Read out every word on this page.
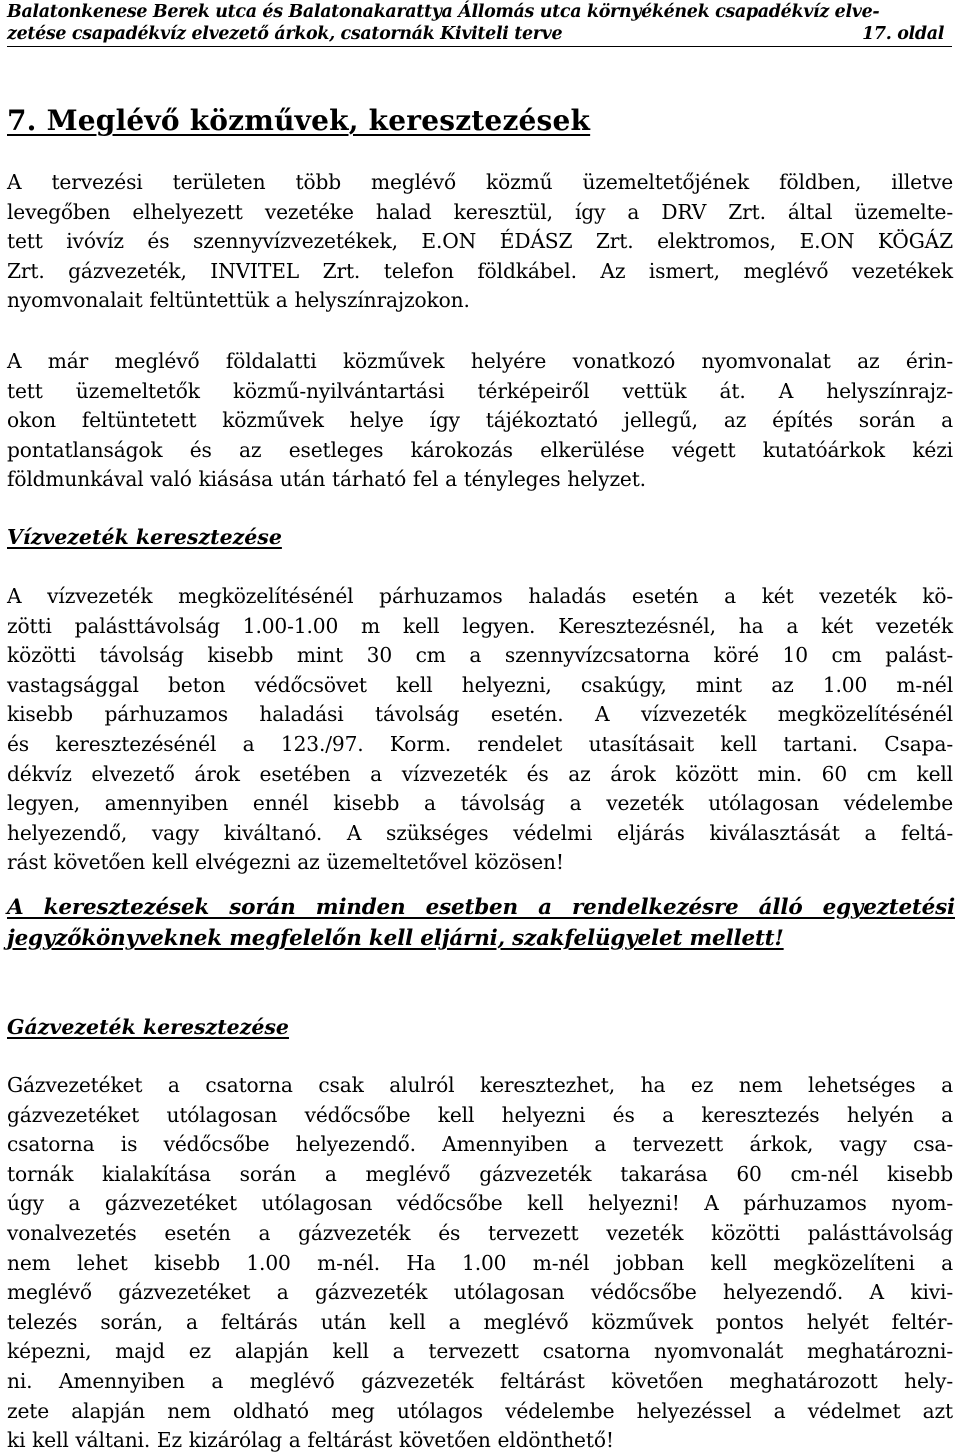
Balatonkenese Berek utca és Balatonakarattya Állomás utca környékének csapadékvíz elve-
zetése csapadékvíz elvezető árkok, csatornák Kiviteli terve	17. oldal
7. Meglévő közművek, keresztezések
A tervezési területen több meglévő közmű üzemeltetőjének földben, illetve
levegőben elhelyezett vezetéke halad keresztül, így a DRV Zrt. által üzemelte-
tett ivóvíz és szennyvízvezetékek, E.ON ÉDÁSZ Zrt. elektromos, E.ON KÖGÁZ
Zrt. gázvezeték, INVITEL Zrt. telefon földkábel. Az ismert, meglévő vezetékek
nyomvonalait feltüntettük a helyszínrajzokon.
A már meglévő földalatti közművek helyére vonatkozó nyomvonalat az érin-
tett üzemeltetők közmű-nyilvántartási térképeiről vettük át. A helyszínrajz-
okon feltüntetett közművek helye így tájékoztató jellegű, az építés során a
pontatlanságok és az esetleges károkozás elkerülése végett kutatóárkok kézi
földmunkával való kiásása után tárható fel a tényleges helyzet.
Vízvezeték keresztezése
A vízvezeték megközelítésénél párhuzamos haladás esetén a két vezeték kö-
zötti palásttávolság 1.00-1.00 m kell legyen. Keresztezésnél, ha a két vezeték
közötti távolság kisebb mint 30 cm a szennyvízcsatorna köré 10 cm palást-
vastagsággal beton védőcsövet kell helyezni, csakúgy, mint az 1.00 m-nél
kisebb párhuzamos haladási távolság esetén. A vízvezeték megközelítésénél
és keresztezésénél a 123./97. Korm. rendelet utasításait kell tartani. Csapa-
dékvíz elvezető árok esetében a vízvezeték és az árok között min. 60 cm kell
legyen, amennyiben ennél kisebb a távolság a vezeték utólagosan védelembe
helyezendő, vagy kiváltanó. A szükséges védelmi eljárás kiválasztását a feltá-
rást követően kell elvégezni az üzemeltetővel közösen!
A keresztezések során minden esetben a rendelkezésre álló egyeztetési
jegyzőkönyveknek megfelelőn kell eljárni, szakfelügyelet mellett!
Gázvezeték keresztezése
Gázvezetéket a csatorna csak alulról keresztezhet, ha ez nem lehetséges a
gázvezetéket utólagosan védőcsőbe kell helyezni és a keresztezés helyén a
csatorna is védőcsőbe helyezendő. Amennyiben a tervezett árkok, vagy csa-
tornák kialakítása során a meglévő gázvezeték takarása 60 cm-nél kisebb
úgy a gázvezetéket utólagosan védőcsőbe kell helyezni! A párhuzamos nyom-
vonalvezetés esetén a gázvezeték és tervezett vezeték közötti palásttávolság
nem lehet kisebb 1.00 m-nél. Ha 1.00 m-nél jobban kell megközelíteni a
meglévő gázvezetéket a gázvezeték utólagosan védőcsőbe helyezendő. A kivi-
telezés során, a feltárás után kell a meglévő közművek pontos helyét feltér-
képezni, majd ez alapján kell a tervezett csatorna nyomvonalát meghatározni-
ni. Amennyiben a meglévő gázvezeték feltárást követően meghatározott hely-
zete alapján nem oldható meg utólagos védelembe helyezéssel a védelmet azt
ki kell váltani. Ez kizárólag a feltárást követően eldönthető!
